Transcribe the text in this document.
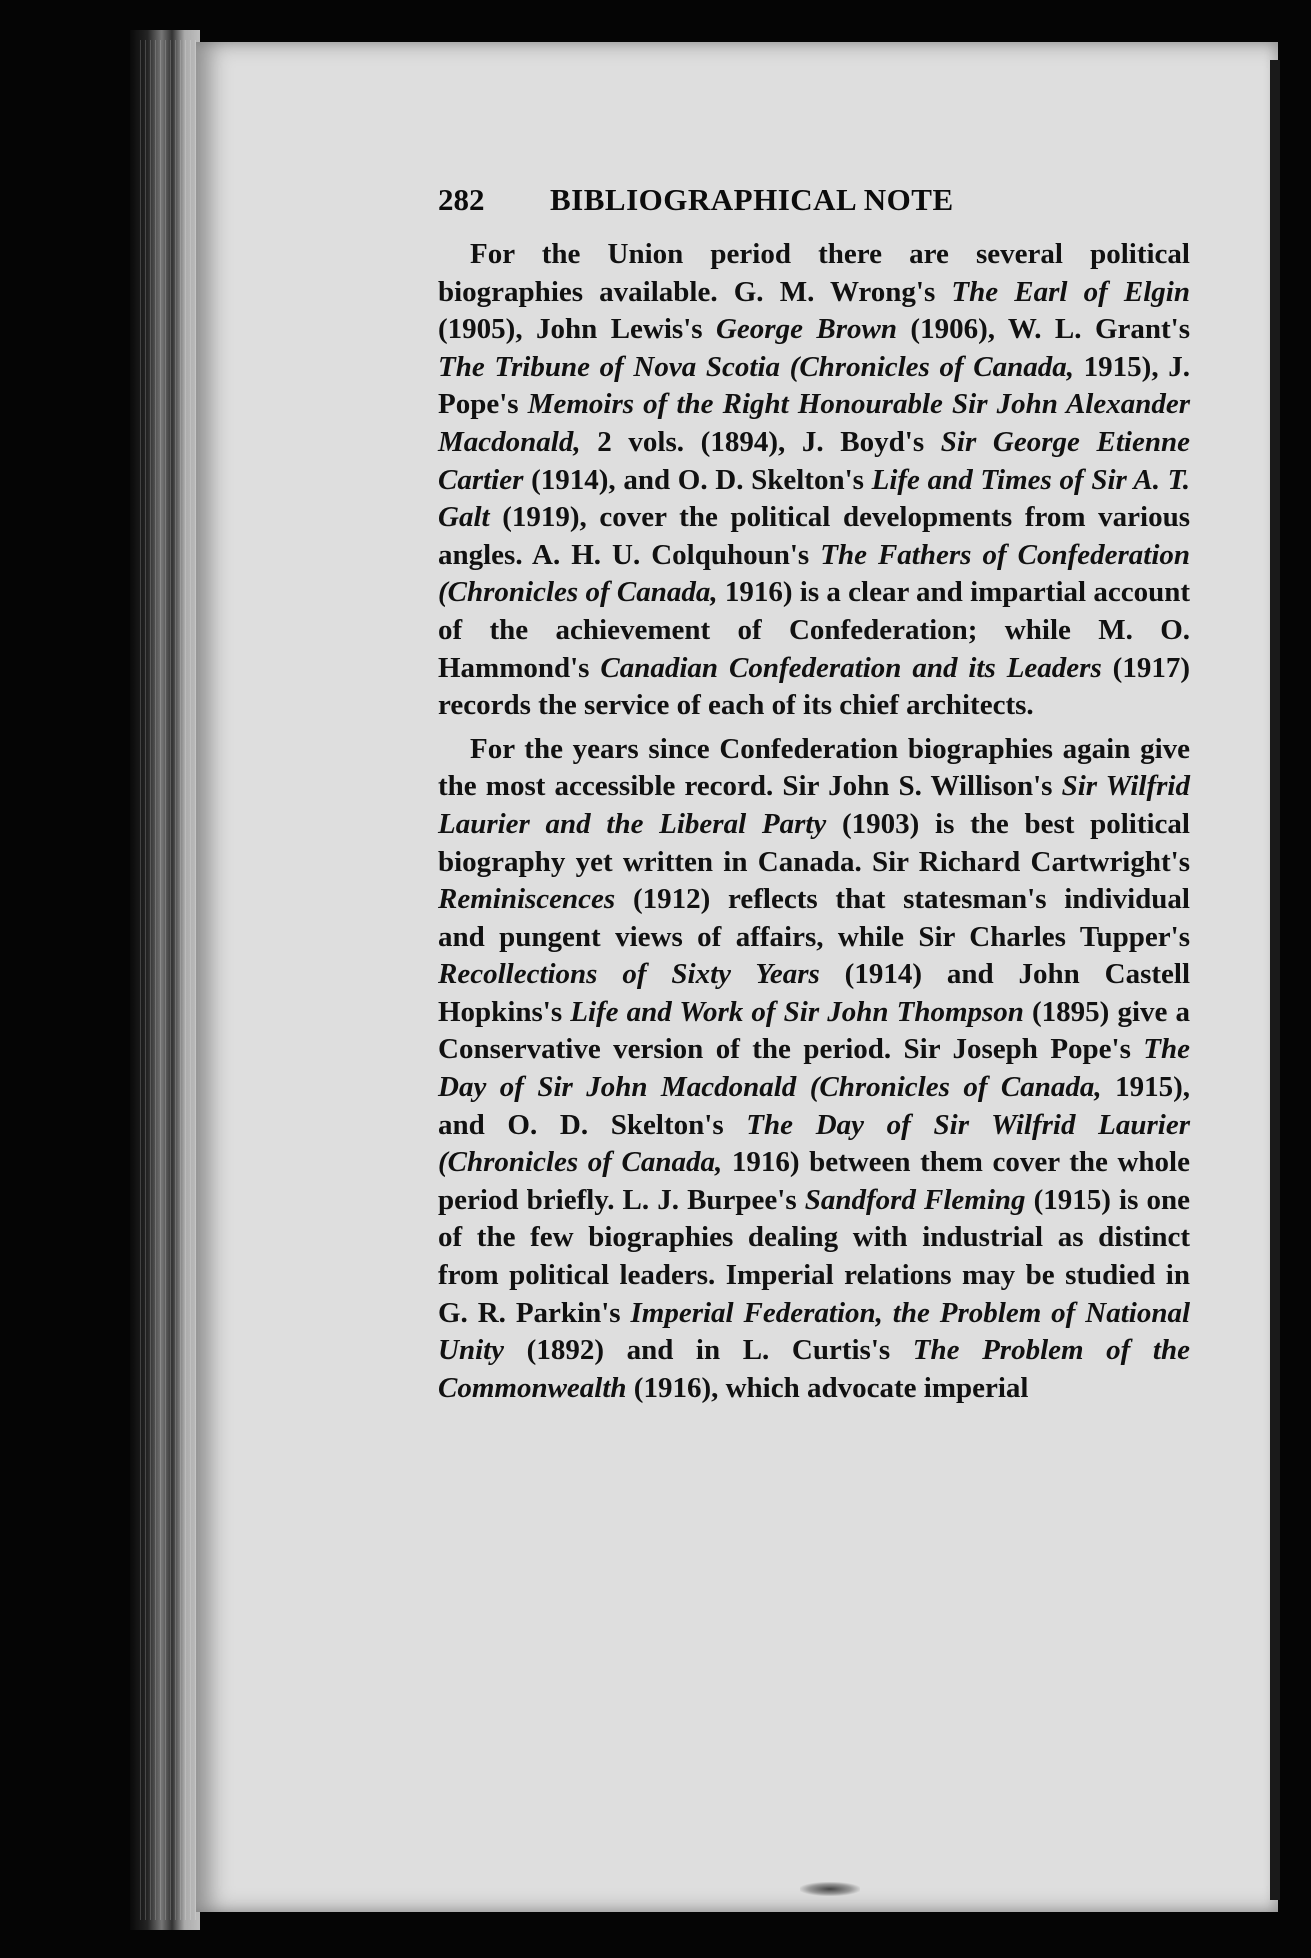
282 BIBLIOGRAPHICAL NOTE

For the Union period there are several political biographies available. G. M. Wrong's The Earl of Elgin (1905), John Lewis's George Brown (1906), W. L. Grant's The Tribune of Nova Scotia (Chronicles of Canada, 1915), J. Pope's Memoirs of the Right Honourable Sir John Alexander Macdonald, 2 vols. (1894), J. Boyd's Sir George Etienne Cartier (1914), and O. D. Skelton's Life and Times of Sir A. T. Galt (1919), cover the political developments from various angles. A. H. U. Colquhoun's The Fathers of Confederation (Chronicles of Canada, 1916) is a clear and impartial account of the achievement of Confederation; while M. O. Hammond's Canadian Confederation and its Leaders (1917) records the service of each of its chief architects.

For the years since Confederation biographies again give the most accessible record. Sir John S. Willison's Sir Wilfrid Laurier and the Liberal Party (1903) is the best political biography yet written in Canada. Sir Richard Cartwright's Reminiscences (1912) reflects that statesman's individual and pungent views of affairs, while Sir Charles Tupper's Recollections of Sixty Years (1914) and John Castell Hopkins's Life and Work of Sir John Thompson (1895) give a Conservative version of the period. Sir Joseph Pope's The Day of Sir John Macdonald (Chronicles of Canada, 1915), and O. D. Skelton's The Day of Sir Wilfrid Laurier (Chronicles of Canada, 1916) between them cover the whole period briefly. L. J. Burpee's Sandford Fleming (1915) is one of the few biographies dealing with industrial as distinct from political leaders. Imperial relations may be studied in G. R. Parkin's Imperial Federation, the Problem of National Unity (1892) and in L. Curtis's The Problem of the Commonwealth (1916), which advocate imperial
